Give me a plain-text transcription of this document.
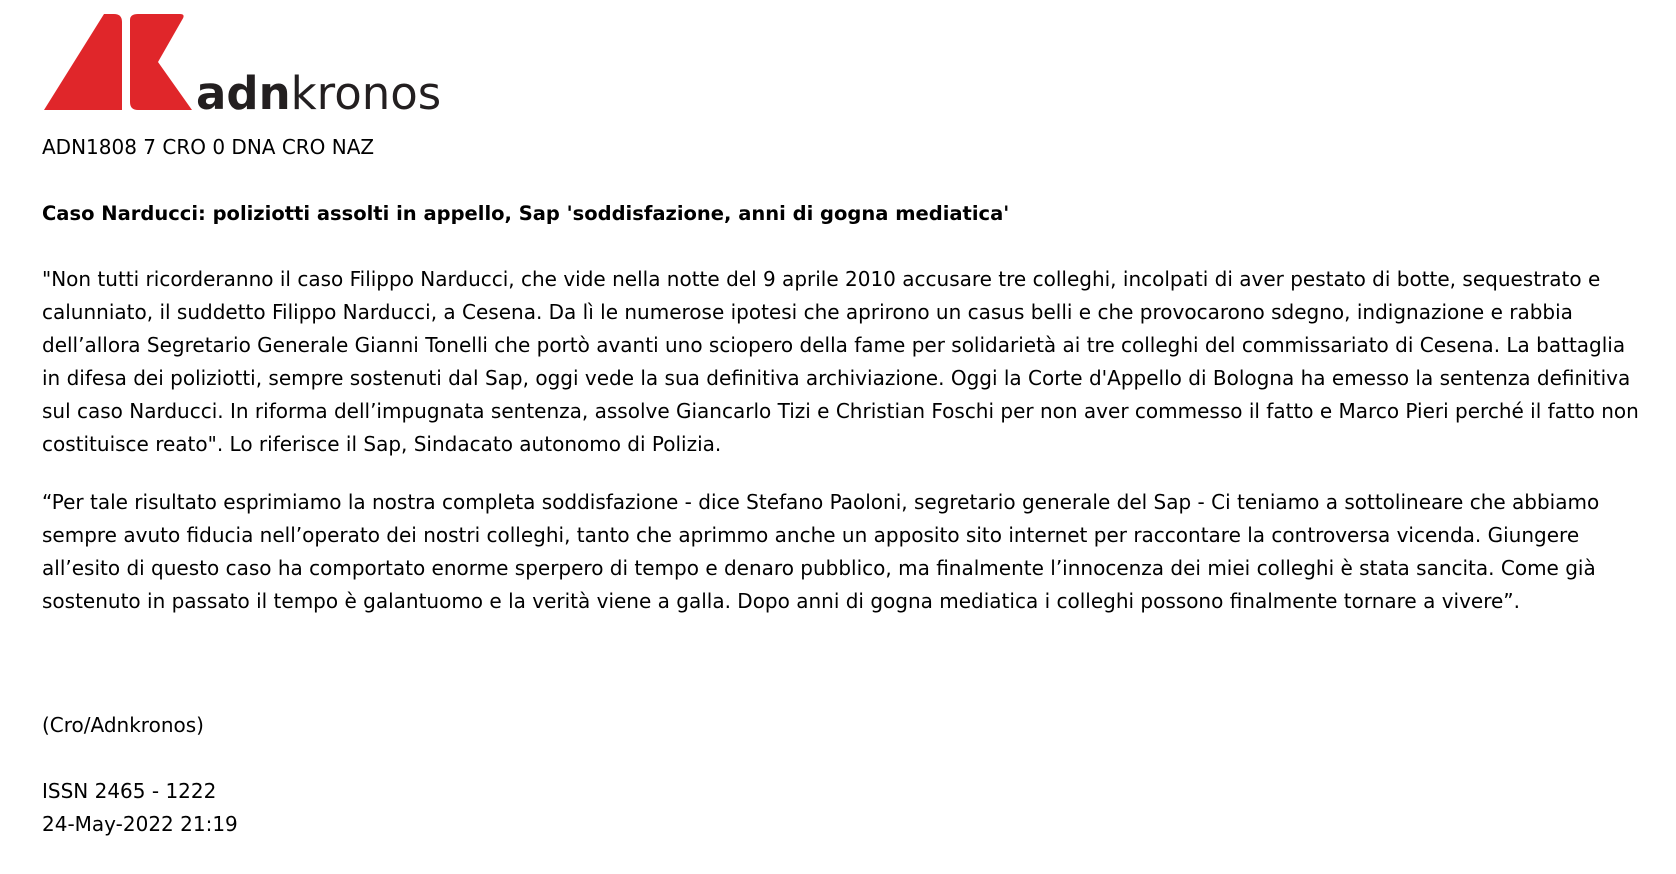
adnkronos

ADN1808 7 CRO 0 DNA CRO NAZ

Caso Narducci: poliziotti assolti in appello, Sap 'soddisfazione, anni di gogna mediatica'

"Non tutti ricorderanno il caso Filippo Narducci, che vide nella notte del 9 aprile 2010 accusare tre colleghi, incolpati di aver pestato di botte, sequestrato e calunniato, il suddetto Filippo Narducci, a Cesena. Da lì le numerose ipotesi che aprirono un casus belli e che provocarono sdegno, indignazione e rabbia dell’allora Segretario Generale Gianni Tonelli che portò avanti uno sciopero della fame per solidarietà ai tre colleghi del commissariato di Cesena. La battaglia in difesa dei poliziotti, sempre sostenuti dal Sap, oggi vede la sua definitiva archiviazione. Oggi la Corte d'Appello di Bologna ha emesso la sentenza definitiva sul caso Narducci. In riforma dell’impugnata sentenza, assolve Giancarlo Tizi e Christian Foschi per non aver commesso il fatto e Marco Pieri perché il fatto non costituisce reato". Lo riferisce il Sap, Sindacato autonomo di Polizia.

“Per tale risultato esprimiamo la nostra completa soddisfazione - dice Stefano Paoloni, segretario generale del Sap - Ci teniamo a sottolineare che abbiamo sempre avuto fiducia nell’operato dei nostri colleghi, tanto che aprimmo anche un apposito sito internet per raccontare la controversa vicenda. Giungere all’esito di questo caso ha comportato enorme sperpero di tempo e denaro pubblico, ma finalmente l’innocenza dei miei colleghi è stata sancita. Come già sostenuto in passato il tempo è galantuomo e la verità viene a galla. Dopo anni di gogna mediatica i colleghi possono finalmente tornare a vivere”.

(Cro/Adnkronos)

ISSN 2465 - 1222

24-May-2022 21:19
